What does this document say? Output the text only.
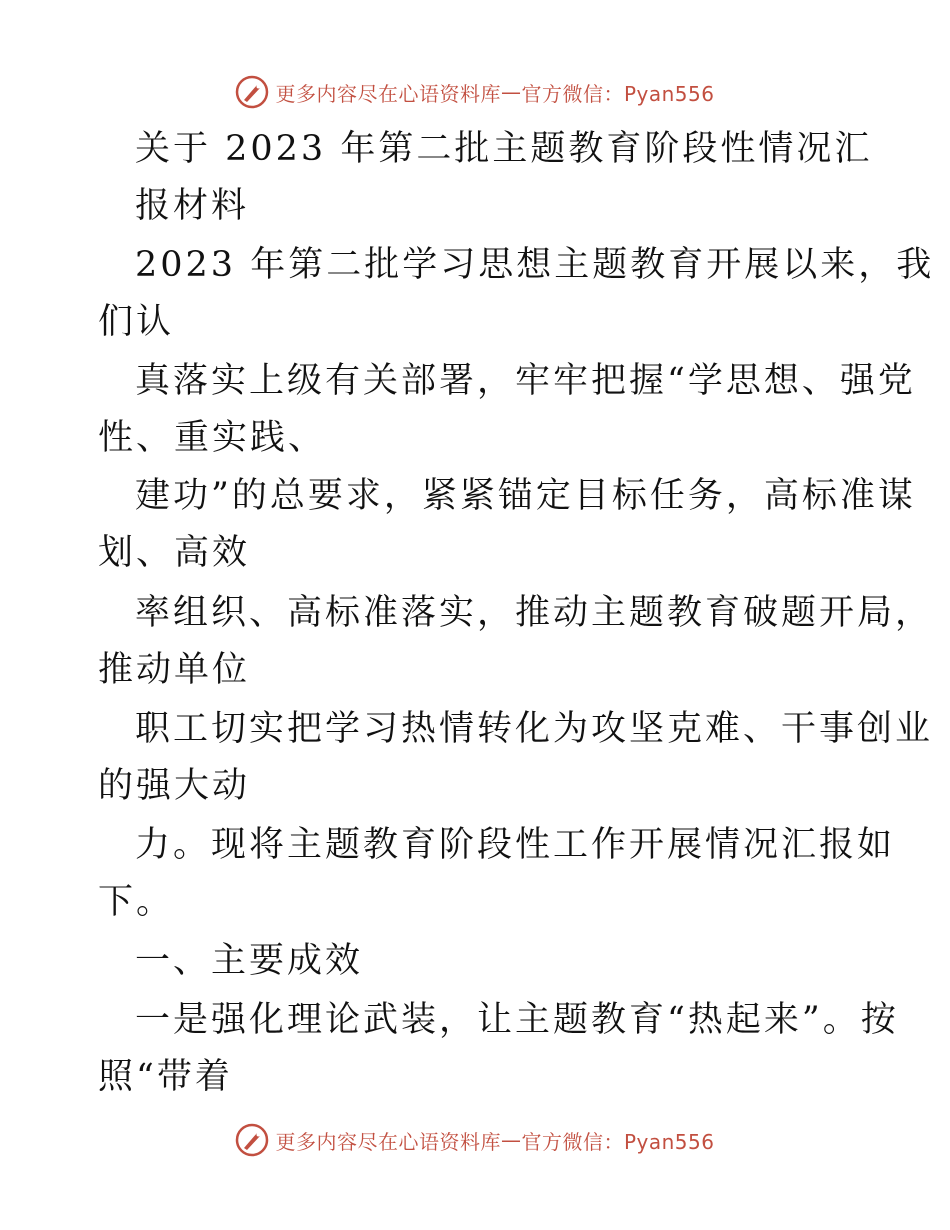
更多内容尽在心语资料库 — 官方微信：Pyan556
关于 2023 年第二批主题教育阶段性情况汇
报材料
2023 年第二批学习思想主题教育开展以来，我
们认
真落实上级有关部署，牢牢把握“学思想、强党
性、重实践、
建功”的总要求，紧紧锚定目标任务，高标准谋
划、高效
率组织、高标准落实，推动主题教育破题开局，
推动单位
职工切实把学习热情转化为攻坚克难、干事创业
的强大动
力。现将主题教育阶段性工作开展情况汇报如
下。
一、主要成效
一是强化理论武装，让主题教育“热起来”。按
照“带着
更多内容尽在心语资料库 — 官方微信：Pyan556
